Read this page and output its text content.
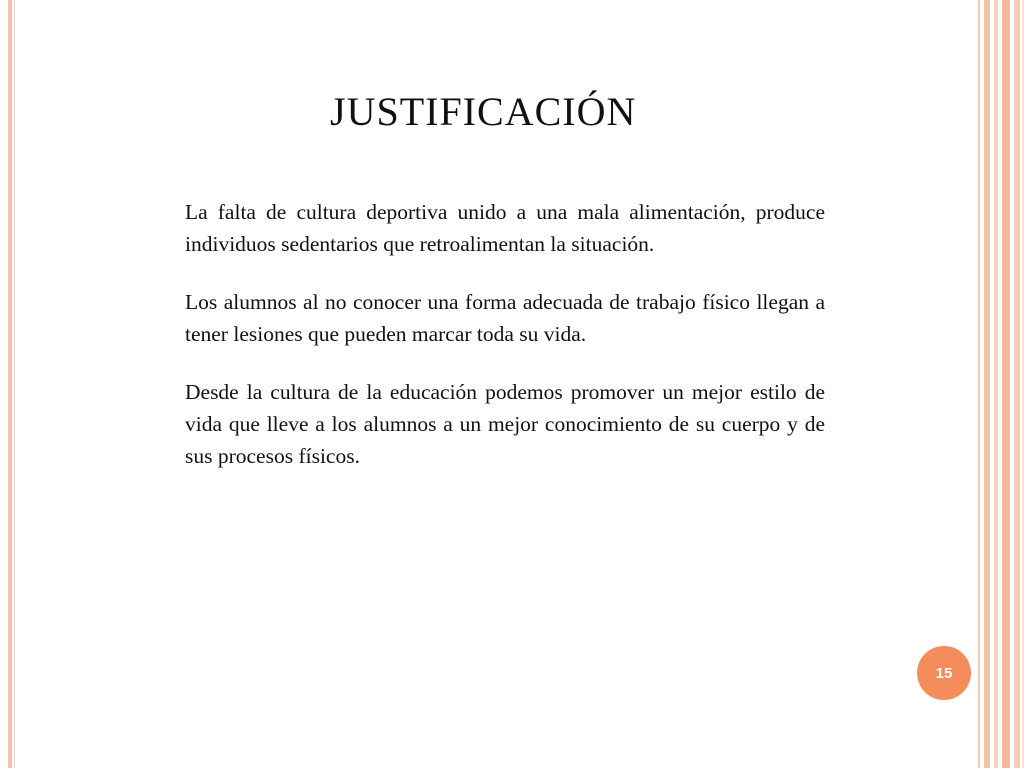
JUSTIFICACIÓN

La falta de cultura deportiva unido a una mala alimentación, produce individuos sedentarios que retroalimentan la situación.

Los alumnos al no conocer una forma adecuada de trabajo físico llegan a tener lesiones que pueden marcar toda su vida.

Desde la cultura de la educación podemos promover un mejor estilo de vida que lleve a los alumnos a un mejor conocimiento de su cuerpo y de sus procesos físicos.

15
